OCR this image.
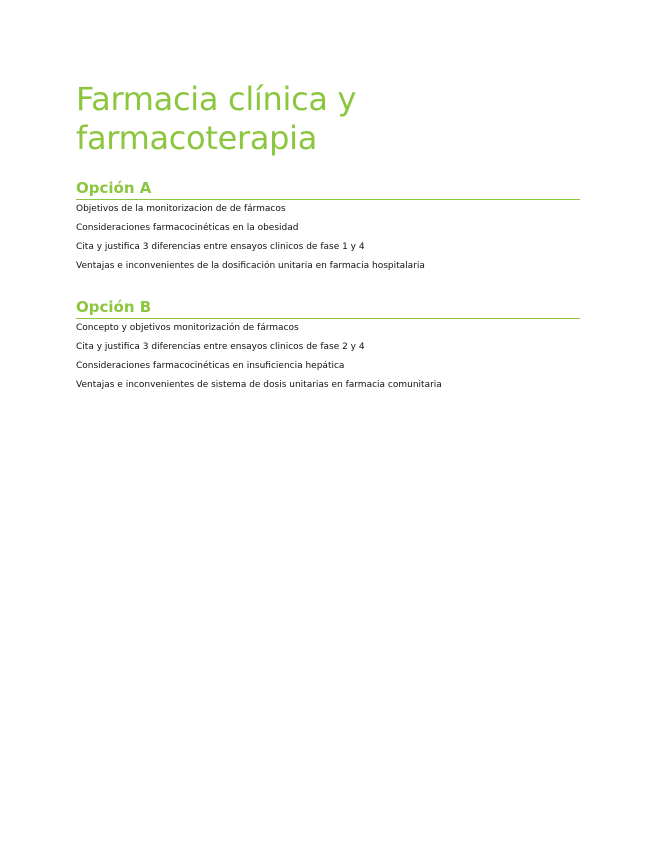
Farmacia clínica y farmacoterapia
Opción A
Objetivos de la monitorizacion de de fármacos
Consideraciones farmacocinéticas en la obesidad
Cita y justifica 3 diferencias entre ensayos clinicos de fase 1 y 4
Ventajas e inconvenientes de la dosificación unitaria en farmacia hospitalaria
Opción B
Concepto y objetivos monitorización de fármacos
Cita y justifica 3 diferencias entre ensayos clinicos de fase 2 y 4
Consideraciones farmacocinéticas en insuficiencia hepática
Ventajas e inconvenientes de sistema de dosis unitarias en farmacia comunitaria
